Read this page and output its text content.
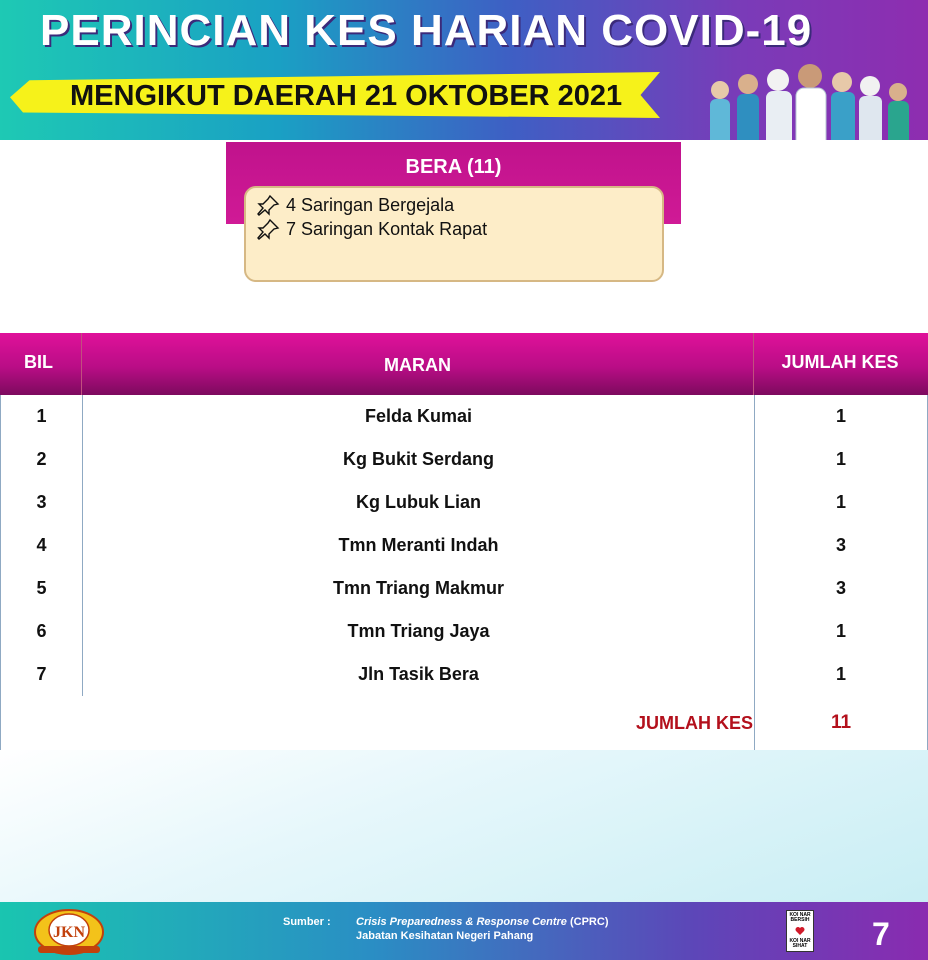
PERINCIAN KES HARIAN COVID-19
MENGIKUT DAERAH 21 OKTOBER 2021
BERA (11)
4 Saringan Bergejala
7 Saringan Kontak Rapat
BIL	MARAN	JUMLAH KES
1	Felda Kumai	1
2	Kg Bukit Serdang	1
3	Kg Lubuk Lian	1
4	Tmn Meranti Indah	3
5	Tmn Triang Makmur	3
6	Tmn Triang Jaya	1
7	Jln Tasik Bera	1
JUMLAH KES	11
JKN
Sumber : Crisis Preparedness & Response Centre (CPRC)
Jabatan Kesihatan Negeri Pahang
KOI NAR BERSIH
KOI NAR SIHAT 7
